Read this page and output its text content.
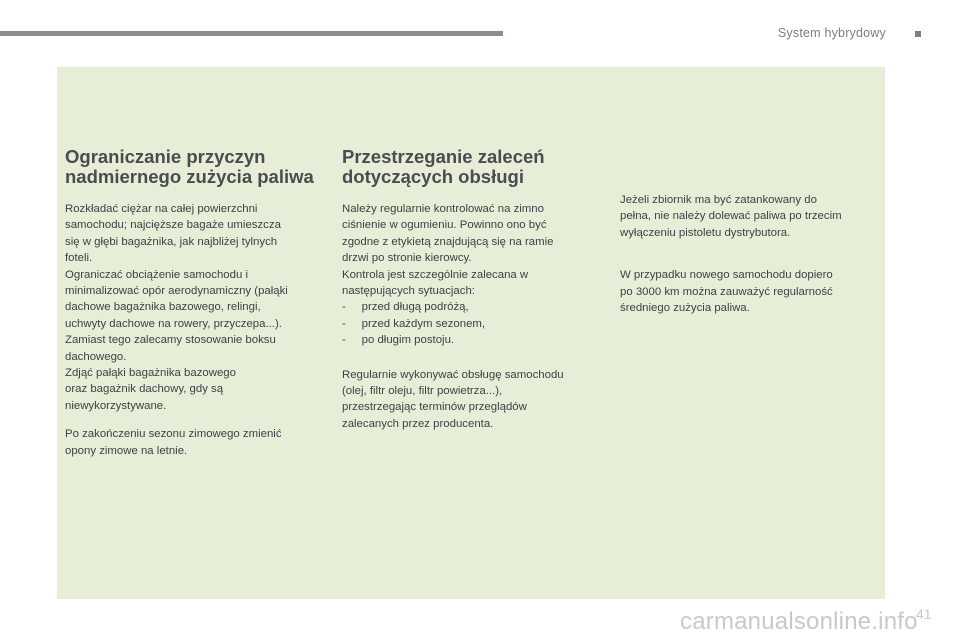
System hybrydowy
Ograniczanie przyczyn
nadmiernego zużycia paliwa

Rozkładać ciężar na całej powierzchni
samochodu; najcięższe bagaże umieszcza
się w głębi bagażnika, jak najbliżej tylnych
foteli.
Ograniczać obciążenie samochodu i
minimalizować opór aerodynamiczny (pałąki
dachowe bagażnika bazowego, relingi,
uchwyty dachowe na rowery, przyczepa...).
Zamiast tego zalecamy stosowanie boksu
dachowego.
Zdjąć pałąki bagażnika bazowego
oraz bagażnik dachowy, gdy są
niewykorzystywane.

Po zakończeniu sezonu zimowego zmienić
opony zimowe na letnie.

Przestrzeganie zaleceń
dotyczących obsługi

Należy regularnie kontrolować na zimno
ciśnienie w ogumieniu. Powinno ono być
zgodne z etykietą znajdującą się na ramie
drzwi po stronie kierowcy.
Kontrola jest szczególnie zalecana w
następujących sytuacjach:
-     przed długą podróżą,
-     przed każdym sezonem,
-     po długim postoju.

Regularnie wykonywać obsługę samochodu
(olej, filtr oleju, filtr powietrza...),
przestrzegając terminów przeglądów
zalecanych przez producenta.

Jeżeli zbiornik ma być zatankowany do
pełna, nie należy dolewać paliwa po trzecim
wyłączeniu pistoletu dystrybutora.

W przypadku nowego samochodu dopiero
po 3000 km można zauważyć regularność
średniego zużycia paliwa.

carmanualsonline.info
41
